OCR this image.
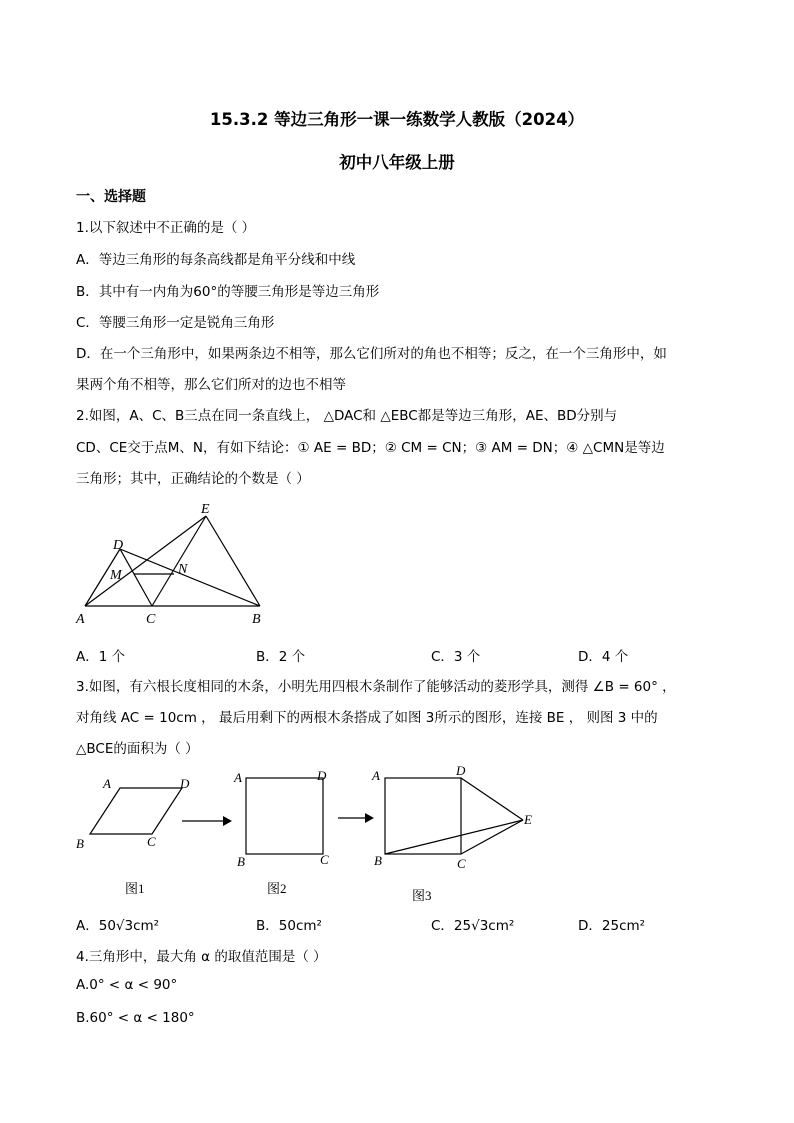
15.3.2 等边三角形一课一练数学人教版（2024）
初中八年级上册
一、选择题
1.以下叙述中不正确的是（ ）
A．等边三角形的每条高线都是角平分线和中线
B．其中有一内角为60°的等腰三角形是等边三角形
C．等腰三角形一定是锐角三角形
D．在一个三角形中，如果两条边不相等，那么它们所对的角也不相等；反之，在一个三角形中，如
果两个角不相等，那么它们所对的边也不相等
2.如图，A、C、B三点在同一条直线上， △DAC和 △EBC都是等边三角形，AE、BD分别与
CD、CE交于点M、N，有如下结论：① AE = BD；② CM = CN；③ AM = DN；④ △CMN是等边
三角形；其中，正确结论的个数是（ ）
E
D
M	N
A	C	B
A．1 个	B．2 个	C．3 个	D．4 个
3.如图，有六根长度相同的木条，小明先用四根木条制作了能够活动的菱形学具，测得 ∠B = 60° ，
对角线 AC = 10cm ， 最后用剩下的两根木条搭成了如图 3所示的图形，连接 BE ， 则图 3 中的
△BCE的面积为（ ）
A	D
B	C
图1
A	D
B	C
图2
A	D
E
B	C
图3
A．50√3cm²	B．50cm²	C．25√3cm²	D．25cm²
4.三角形中，最大角 α 的取值范围是（ ）
A.0° < α < 90°
B.60° < α < 180°
